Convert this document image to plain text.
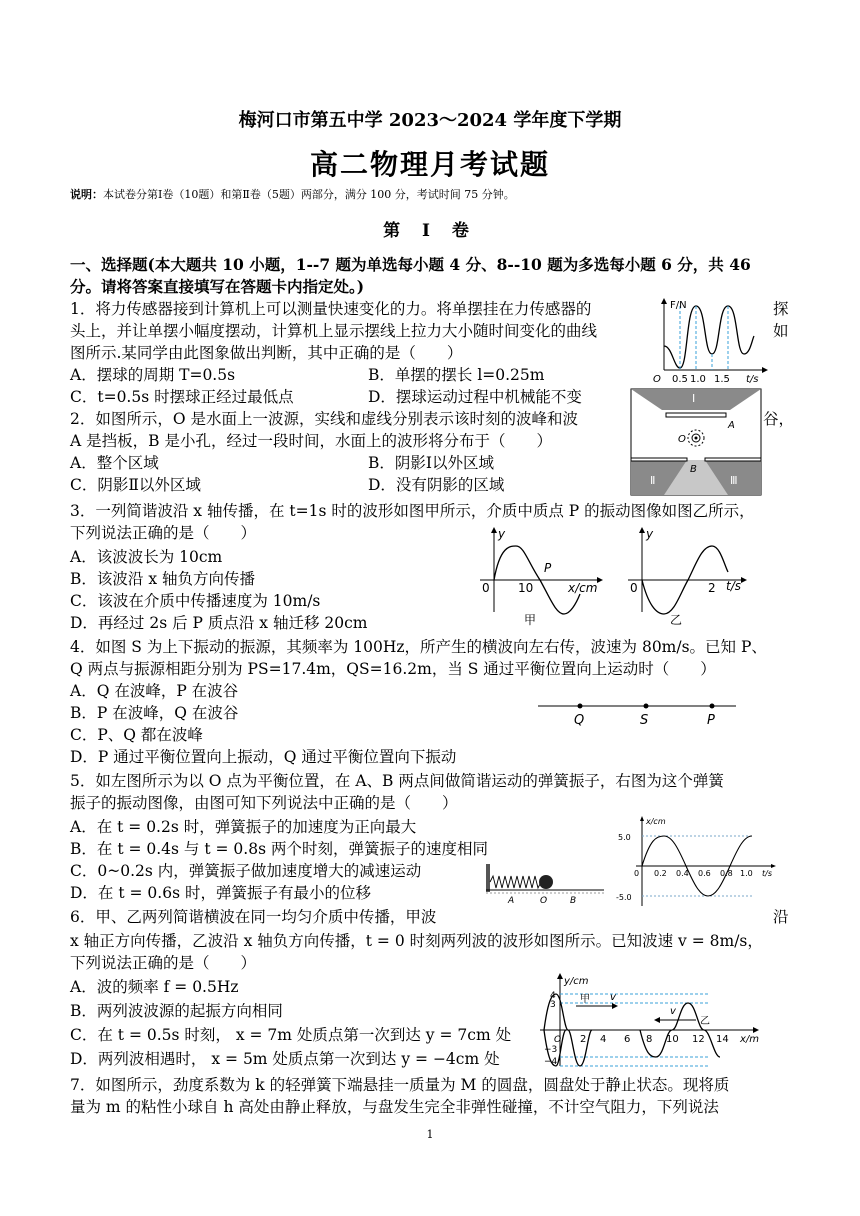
梅河口市第五中学 2023～2024 学年度下学期
高二物理月考试题
说明：本试卷分第Ⅰ卷（10题）和第Ⅱ卷（5题）两部分，满分 100 分，考试时间 75 分钟。
第 Ⅰ 卷
一、选择题(本大题共 10 小题，1--7 题为单选每小题 4 分、8--10 题为多选每小题 6 分，共 46
分。请将答案直接填写在答题卡内指定处。)
1．将力传感器接到计算机上可以测量快速变化的力。将单摆挂在力传感器的	探
头上，并让单摆小幅度摆动，计算机上显示摆线上拉力大小随时间变化的曲线	如
图所示.某同学由此图象做出判断，其中正确的是（　　）
A．摆球的周期 T=0.5s	B．单摆的摆长 l=0.25m
C．t=0.5s 时摆球正经过最低点	D．摆球运动过程中机械能不变
F/N
O 0.5 1.0 1.5 t/s
2．如图所示，O 是水面上一波源，实线和虚线分别表示该时刻的波峰和波	谷，
A 是挡板，B 是小孔，经过一段时间，水面上的波形将分布于（　　）
A．整个区域	B．阴影Ⅰ以外区域
C．阴影Ⅱ以外区域	D．没有阴影的区域
Ⅰ
Ⅱ	Ⅲ
A
B
O
3．一列简谐波沿 x 轴传播，在 t=1s 时的波形如图甲所示，介质中质点 P 的振动图像如图乙所示，
下列说法正确的是（　　）
A．该波波长为 10cm
B．该波沿 x 轴负方向传播
C．该波在介质中传播速度为 10m/s
D．再经过 2s 后 P 质点沿 x 轴迁移 20cm
y
0 10
P
x/cm
甲
y
0	2 t/s
乙
4．如图 S 为上下振动的振源，其频率为 100Hz，所产生的横波向左右传，波速为 80m/s。已知 P、
Q 两点与振源相距分别为 PS=17.4m，QS=16.2m，当 S 通过平衡位置向上运动时（　　）
A．Q 在波峰，P 在波谷
B．P 在波峰，Q 在波谷
C．P、Q 都在波峰
D．P 通过平衡位置向上振动，Q 通过平衡位置向下振动
Q	S	P
5．如左图所示为以 O 点为平衡位置，在 A、B 两点间做简谐运动的弹簧振子，右图为这个弹簧
振子的振动图像，由图可知下列说法中正确的是（　　）
A．在 t = 0.2s 时，弹簧振子的加速度为正向最大
B．在 t = 0.4s 与 t = 0.8s 两个时刻，弹簧振子的速度相同
C．0~0.2s 内，弹簧振子做加速度增大的减速运动
D．在 t = 0.6s 时，弹簧振子有最小的位移	A	O	B
x/cm
5.0
-5.0
0 0.2 0.4 0.6 0.8 1.0 t/s
6．甲、乙两列简谐横波在同一均匀介质中传播，甲波	沿
x 轴正方向传播，乙波沿 x 轴负方向传播，t = 0 时刻两列波的波形如图所示。已知波速 v = 8m/s，
下列说法正确的是（　　）
A．波的频率 f = 0.5Hz
B．两列波波源的起振方向相同
C．在 t = 0.5s 时刻， x = 7m 处质点第一次到达 y = 7cm 处
D．两列波相遇时， x = 5m 处质点第一次到达 y = −4cm 处
y/cm
甲 v
v
乙
4
3
−3
−4
O 2 4 6 8 10 12 14 x/m
7．如图所示，劲度系数为 k 的轻弹簧下端悬挂一质量为 M 的圆盘，圆盘处于静止状态。现将质
量为 m 的粘性小球自 h 高处由静止释放，与盘发生完全非弹性碰撞，不计空气阻力，下列说法
1
